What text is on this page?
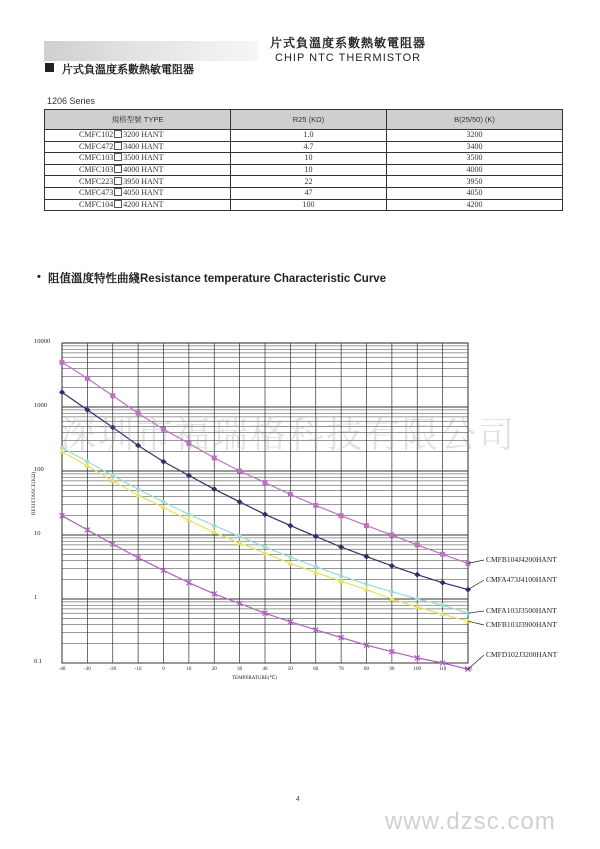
片式負溫度系數熱敏電阻器
CHIP NTC THERMISTOR
片式負溫度系數熱敏電阻器
1206 Series
規格型號 TYPE	R25 (KΩ)	B(25/50) (K)
CMFC102 3200 HANT	1.0	3200
CMFC472 3400 HANT	4.7	3400
CMFC103 3500 HANT	10	3500
CMFC103 4000 HANT	10	4000
CMFC223 3950 HANT	22	3950
CMFC473 4050 HANT	47	4050
CMFC104 4200 HANT	100	4200
• 阻值溫度特性曲綫Resistance temperature Characteristic Curve
CMFB104J4200HANT
CMFA473J4100HANT
CMFA103J3500HANT
CMFB103J3900HANT
CMFD102J3200HANT
10000
1000
100
10
1
0.1
-40	-30	-20	-10	0	10	20	30	40	50	60	70	80	90	100	110	120
RESISTANCE(KΩ)
TEMPERATURE(℃)
4
深圳市福瑞格科技有限公司
www.dzsc.com
